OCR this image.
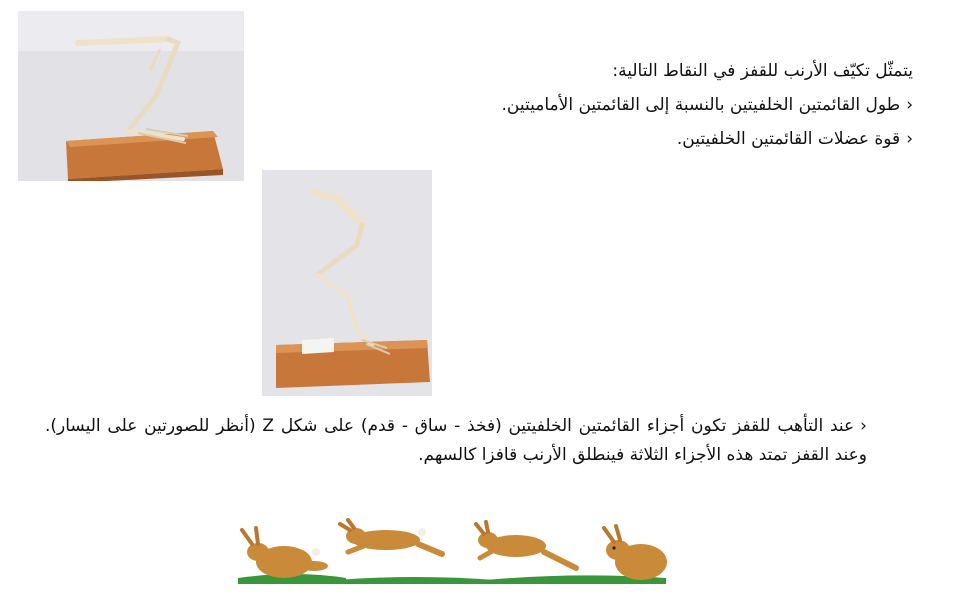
يتمثّل تكيّف الأرنب للقفز في النقاط التالية:

‹طول القائمتين الخلفيتين بالنسبة إلى القائمتين الأماميتين.

‹قوة عضلات القائمتين الخلفيتين.

‹عند التأهب للقفز تكون أجزاء القائمتين الخلفيتين (فخذ - ساق - قدم) على شكل Z (أنظر للصورتين على اليسار). وعند القفز تمتد هذه الأجزاء الثلاثة فينطلق الأرنب قافزا كالسهم.
